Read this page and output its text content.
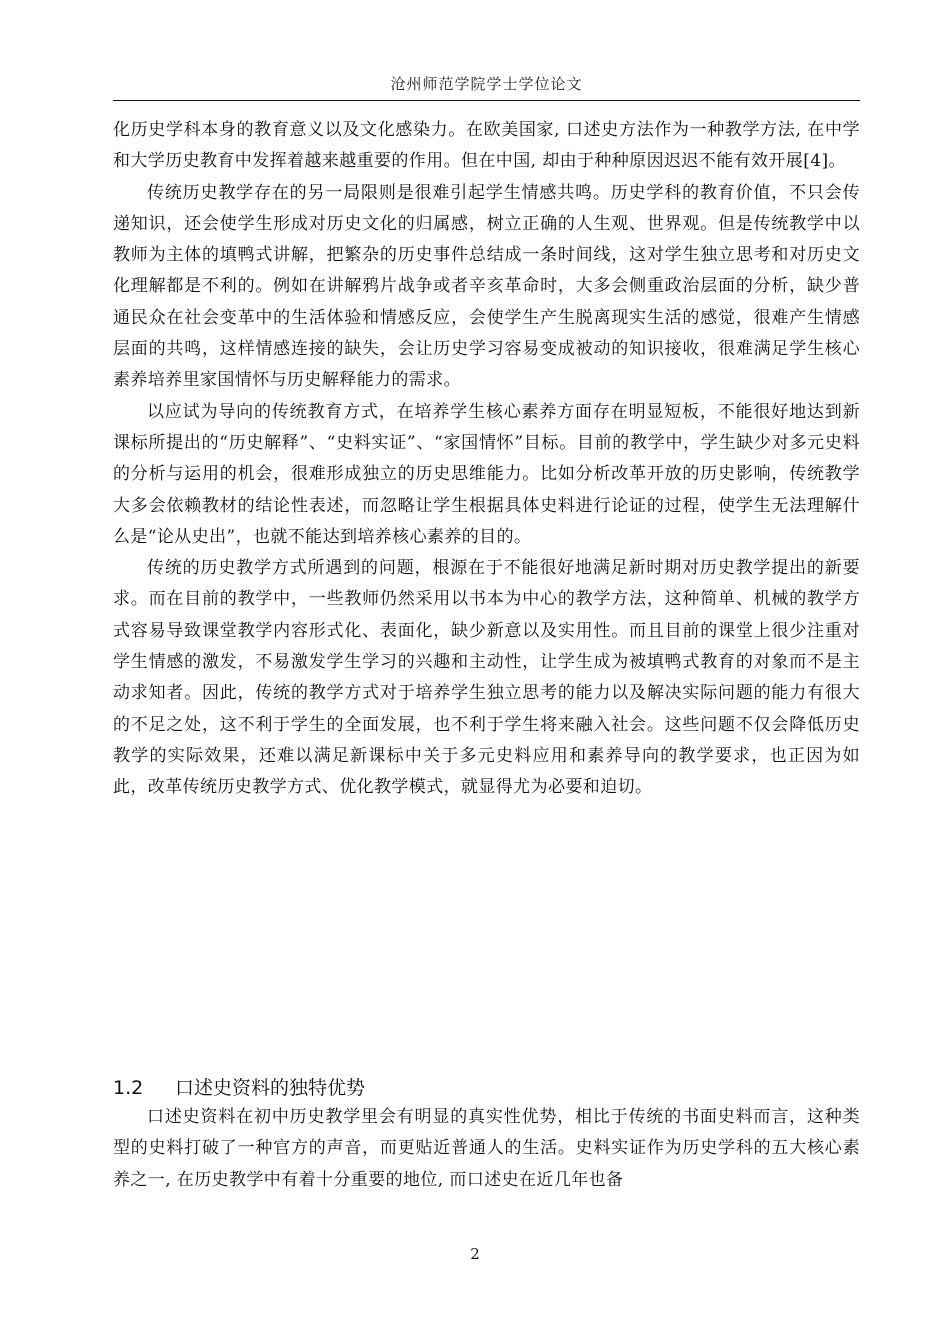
沧州师范学院学士学位论文

化历史学科本身的教育意义以及文化感染力。在欧美国家, 口述史方法作为一种教学方法, 在中学和大学历史教育中发挥着越来越重要的作用。但在中国, 却由于种种原因迟迟不能有效开展[4]。

传统历史教学存在的另一局限则是很难引起学生情感共鸣。历史学科的教育价值，不只会传递知识，还会使学生形成对历史文化的归属感，树立正确的人生观、世界观。但是传统教学中以教师为主体的填鸭式讲解，把繁杂的历史事件总结成一条时间线，这对学生独立思考和对历史文化理解都是不利的。例如在讲解鸦片战争或者辛亥革命时，大多会侧重政治层面的分析，缺少普通民众在社会变革中的生活体验和情感反应，会使学生产生脱离现实生活的感觉，很难产生情感层面的共鸣，这样情感连接的缺失，会让历史学习容易变成被动的知识接收，很难满足学生核心素养培养里家国情怀与历史解释能力的需求。

以应试为导向的传统教育方式，在培养学生核心素养方面存在明显短板，不能很好地达到新课标所提出的“历史解释”、“史料实证”、“家国情怀”目标。目前的教学中，学生缺少对多元史料的分析与运用的机会，很难形成独立的历史思维能力。比如分析改革开放的历史影响，传统教学大多会依赖教材的结论性表述，而忽略让学生根据具体史料进行论证的过程，使学生无法理解什么是“论从史出”，也就不能达到培养核心素养的目的。

传统的历史教学方式所遇到的问题，根源在于不能很好地满足新时期对历史教学提出的新要求。而在目前的教学中，一些教师仍然采用以书本为中心的教学方法，这种简单、机械的教学方式容易导致课堂教学内容形式化、表面化，缺少新意以及实用性。而且目前的课堂上很少注重对学生情感的激发，不易激发学生学习的兴趣和主动性，让学生成为被填鸭式教育的对象而不是主动求知者。因此，传统的教学方式对于培养学生独立思考的能力以及解决实际问题的能力有很大的不足之处，这不利于学生的全面发展，也不利于学生将来融入社会。这些问题不仅会降低历史教学的实际效果，还难以满足新课标中关于多元史料应用和素养导向的教学要求，也正因为如此，改革传统历史教学方式、优化教学模式，就显得尤为必要和迫切。

1.2 口述史资料的独特优势

口述史资料在初中历史教学里会有明显的真实性优势，相比于传统的书面史料而言，这种类型的史料打破了一种官方的声音，而更贴近普通人的生活。史料实证作为历史学科的五大核心素养之一, 在历史教学中有着十分重要的地位, 而口述史在近几年也备

2
